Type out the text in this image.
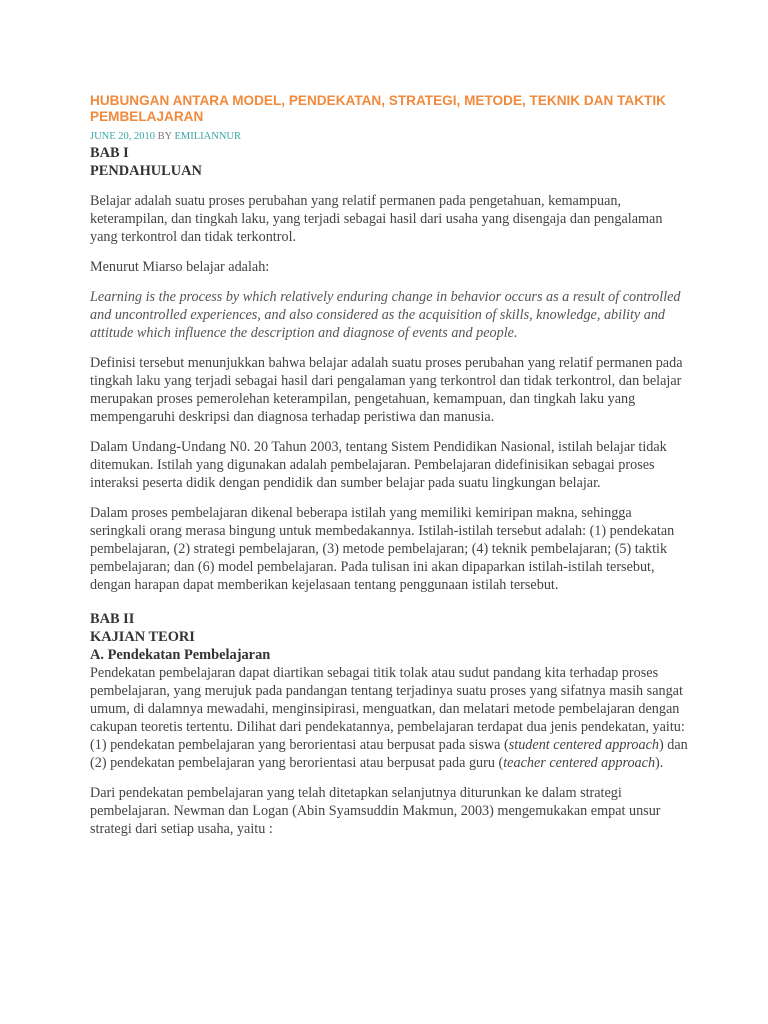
HUBUNGAN ANTARA MODEL, PENDEKATAN, STRATEGI, METODE, TEKNIK DAN TAKTIK PEMBELAJARAN
JUNE 20, 2010 BY EMILIANNUR
BAB I
PENDAHULUAN

Belajar adalah suatu proses perubahan yang relatif permanen pada pengetahuan, kemampuan, keterampilan, dan tingkah laku, yang terjadi sebagai hasil dari usaha yang disengaja dan pengalaman yang terkontrol dan tidak terkontrol.

Menurut Miarso belajar adalah:

Learning is the process by which relatively enduring change in behavior occurs as a result of controlled and uncontrolled experiences, and also considered as the acquisition of skills, knowledge, ability and attitude which influence the description and diagnose of events and people.

Definisi tersebut menunjukkan bahwa belajar adalah suatu proses perubahan yang relatif permanen pada tingkah laku yang terjadi sebagai hasil dari pengalaman yang terkontrol dan tidak terkontrol, dan belajar merupakan proses pemerolehan keterampilan, pengetahuan, kemampuan, dan tingkah laku yang mempengaruhi deskripsi dan diagnosa terhadap peristiwa dan manusia.

Dalam Undang-Undang N0. 20 Tahun 2003, tentang Sistem Pendidikan Nasional, istilah belajar tidak ditemukan. Istilah yang digunakan adalah pembelajaran. Pembelajaran didefinisikan sebagai proses interaksi peserta didik dengan pendidik dan sumber belajar pada suatu lingkungan belajar.

Dalam proses pembelajaran dikenal beberapa istilah yang memiliki kemiripan makna, sehingga seringkali orang merasa bingung untuk membedakannya. Istilah-istilah tersebut adalah: (1) pendekatan pembelajaran, (2) strategi pembelajaran, (3) metode pembelajaran; (4) teknik pembelajaran; (5) taktik pembelajaran; dan (6) model pembelajaran. Pada tulisan ini akan dipaparkan istilah-istilah tersebut, dengan harapan dapat memberikan kejelasaan tentang penggunaan istilah tersebut.

BAB II
KAJIAN TEORI
A. Pendekatan Pembelajaran

Pendekatan pembelajaran dapat diartikan sebagai titik tolak atau sudut pandang kita terhadap proses pembelajaran, yang merujuk pada pandangan tentang terjadinya suatu proses yang sifatnya masih sangat umum, di dalamnya mewadahi, menginsipirasi, menguatkan, dan melatari metode pembelajaran dengan cakupan teoretis tertentu. Dilihat dari pendekatannya, pembelajaran terdapat dua jenis pendekatan, yaitu: (1) pendekatan pembelajaran yang berorientasi atau berpusat pada siswa (student centered approach) dan (2) pendekatan pembelajaran yang berorientasi atau berpusat pada guru (teacher centered approach).

Dari pendekatan pembelajaran yang telah ditetapkan selanjutnya diturunkan ke dalam strategi pembelajaran. Newman dan Logan (Abin Syamsuddin Makmun, 2003) mengemukakan empat unsur strategi dari setiap usaha, yaitu :
